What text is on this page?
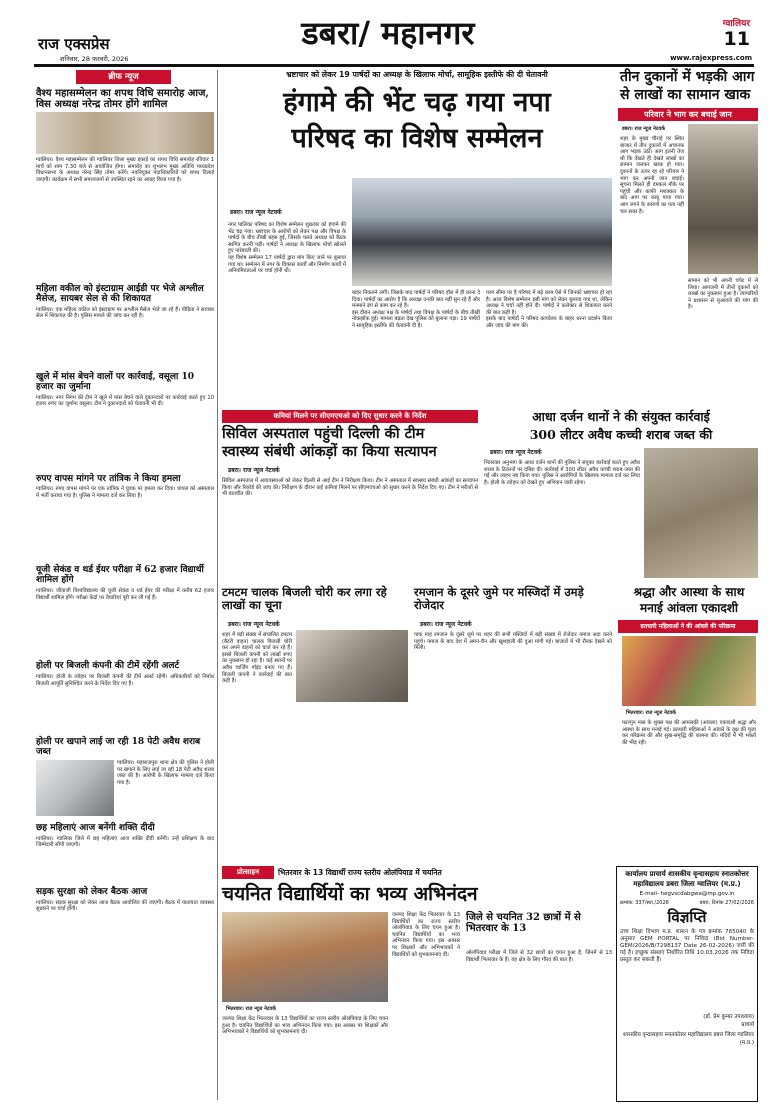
राज एक्सप्रेस
शनिवार, 28 फरवरी, 2026
डबरा/ महानगर	ग्वालियर
11
www.rajexpress.com
ब्रीफ न्यूज
वैश्य महासम्मेलन का शपथ विधि समारोह आज, विस अध्यक्ष नरेन्द्र तोमर होंगे शामिल
ग्वालियर। वैश्य महासम्मेलन की ग्वालियर जिला मुख्य इकाई का शपथ विधि समारोह रविवार 1 मार्च को शाम 7.30 बजे से आयोजित होगा। समारोह का शुभारंभ मुख्य अतिथि मध्यप्रदेश विधानसभा के अध्यक्ष नरेन्द्र सिंह तोमर करेंगे। नवनियुक्त पदाधिकारियों को शपथ दिलाई जाएगी। कार्यक्रम में सभी समाजजनों से उपस्थित रहने का आग्रह किया गया है।
महिला वकील को इंस्टाग्राम आईडी पर भेजे अश्लील मैसेज, सायबर सेल से की शिकायत
ग्वालियर। एक महिला वकील को इंस्टाग्राम पर अश्लील मैसेज भेजे जा रहे हैं। पीड़िता ने सायबर सेल में शिकायत की है। पुलिस मामले की जांच कर रही है।
खुले में मांस बेचने वालों पर कार्रवाई, वसूला 10 हजार का जुर्माना
ग्वालियर। नगर निगम की टीम ने खुले में मांस बेचने वाले दुकानदारों पर कार्रवाई करते हुए 10 हजार रुपए का जुर्माना वसूला। टीम ने दुकानदारों को चेतावनी भी दी।
रुपए वापस मांगने पर तांत्रिक ने किया हमला
ग्वालियर। रुपए वापस मांगने पर एक तांत्रिक ने युवक पर हमला कर दिया। घायल को अस्पताल में भर्ती कराया गया है। पुलिस ने मामला दर्ज कर लिया है।
यूजी सेकंड व थर्ड ईयर परीक्षा में 62 हजार विद्यार्थी शामिल होंगे
ग्वालियर। जीवाजी विश्वविद्यालय की यूजी सेकंड व थर्ड ईयर की परीक्षा में करीब 62 हजार विद्यार्थी शामिल होंगे। परीक्षा केंद्रों पर तैयारियां पूरी कर ली गई हैं।
होली पर बिजली कंपनी की टीमें रहेंगी अलर्ट
ग्वालियर। होली के त्योहार पर बिजली कंपनी की टीमें अलर्ट रहेंगी। अधिकारियों को निर्बाध बिजली आपूर्ति सुनिश्चित करने के निर्देश दिए गए हैं।
होली पर खपाने लाई जा रही 18 पेटी अवैध शराब जब्त
ग्वालियर। महाराजपुरा थाना क्षेत्र की पुलिस ने होली पर खपाने के लिए लाई जा रही 18 पेटी अवैध शराब जब्त की है। आरोपी के खिलाफ मामला दर्ज किया गया है।
छह महिलाएं आज बनेंगी शक्ति दीदी
ग्वालियर। ग्वालियर जिले में छह महिलाएं आज शक्ति दीदी बनेंगी। उन्हें प्रशिक्षण के बाद जिम्मेदारी सौंपी जाएगी।
सड़क सुरक्षा को लेकर बैठक आज
ग्वालियर। सड़क सुरक्षा को लेकर आज बैठक आयोजित की जाएगी। बैठक में यातायात व्यवस्था सुधारने पर चर्चा होगी।
भ्रष्टाचार को लेकर 19 पार्षदों का अध्यक्ष के खिलाफ मोर्चा, सामूहिक इस्तीफे की दी चेतावनी
हंगामे की भेंट चढ़ गया नपा
परिषद का विशेष सम्मेलन
डबरा। राज न्यूज नेटवर्क
नगर पालिका परिषद का विशेष सम्मेलन शुक्रवार को हंगामे की भेंट चढ़ गया। भ्रष्टाचार के आरोपों को लेकर पक्ष और विपक्ष के पार्षदों के बीच तीखी बहस हुई, जिसके चलते अध्यक्ष को बैठक स्थगित करनी पड़ी। पार्षदों ने अध्यक्ष के खिलाफ मोर्चा खोलते हुए नारेबाजी की।
यह विशेष सम्मेलन 17 पार्षदों द्वारा मांग किए जाने पर बुलाया गया था। सम्मेलन में नगर के विकास कार्यों और निर्माण कार्यों में अनियमितताओं पर चर्चा होनी थी।
बाहर निकलने लगीं। जिसके बाद पार्षदों ने परिषद हॉल में ही धरना दे दिया। पार्षदों का आरोप है कि अध्यक्ष उनकी बात नहीं सुन रहे हैं और मनमाने ढंग से काम कर रहे हैं।
इस दौरान अध्यक्ष पक्ष के पार्षदों तथा विपक्ष के पार्षदों के बीच तीखी नोकझोंक हुई। मामला बढ़ता देख पुलिस को बुलाना पड़ा। 19 पार्षदों ने सामूहिक इस्तीफे की चेतावनी दी है।
परम सीमा पर है परिषद में बढ़े काम ऐसे में जिनको भ्रष्टाचार हो रहा है। आज विशेष सम्मेलन इसी मांग को लेकर बुलाया गया था, लेकिन अध्यक्ष ने चर्चा नहीं होने दी। पार्षदों ने कलेक्टर से शिकायत करने की बात कही है।
इसके बाद पार्षदों ने परिषद कार्यालय के बाहर धरना प्रदर्शन किया और जांच की मांग की।
तीन दुकानों में भड़की आग
से लाखों का सामान खाक
परिवार ने भाग कर बचाई जान
डबरा। राज न्यूज नेटवर्क
शहर के मुख्य चौराहे पर स्थित बाजार में तीन दुकानों में अचानक आग भड़क उठी। आग इतनी तेज थी कि देखते ही देखते लाखों का सामान जलकर खाक हो गया। दुकानों के ऊपर रह रहे परिवार ने भाग कर अपनी जान बचाई। सूचना मिलते ही दमकल मौके पर पहुंची और काफी मशक्कत के बाद आग पर काबू पाया गया। आग लगने के कारणों का पता नहीं चल सका है।
सामान को भी अपनी चपेट में ले लिया। आगजनी में तीनों दुकानों को लाखों का नुकसान हुआ है। व्यापारियों ने प्रशासन से मुआवजे की मांग की है।
कमियां मिलने पर सीएमएचओ को दिए सुधार करने के निर्देश
सिविल अस्पताल पहुंची दिल्ली की टीम
स्वास्थ्य संबंधी आंकड़ों का किया सत्यापन
डबरा। राज न्यूज नेटवर्क
सिविल अस्पताल में अव्यवस्थाओं को लेकर दिल्ली से आई टीम ने निरीक्षण किया। टीम ने अस्पताल में स्वास्थ्य संबंधी आंकड़ों का सत्यापन किया और रिकॉर्ड की जांच की। निरीक्षण के दौरान कई कमियां मिलने पर सीएमएचओ को सुधार करने के निर्देश दिए गए। टीम ने मरीजों से भी बातचीत की।
आधा दर्जन थानों ने की संयुक्त कार्रवाई
300 लीटर अवैध कच्ची शराब जब्त की
डबरा। राज न्यूज नेटवर्क
भितरवार अनुभाग के आधा दर्जन थानों की पुलिस ने संयुक्त कार्रवाई करते हुए अवैध शराब के ठिकानों पर दबिश दी। कार्रवाई में 300 लीटर अवैध कच्ची शराब जब्त की गई और लाहन नष्ट किया गया। पुलिस ने आरोपियों के खिलाफ मामला दर्ज कर लिया है। होली के त्योहार को देखते हुए अभियान जारी रहेगा।
टमटम चालक बिजली चोरी कर लगा रहे लाखों का चूना
डबरा। राज न्यूज नेटवर्क
शहर में बड़ी संख्या में संचालित टमटम (बैटरी वाहन) चालक बिजली चोरी कर अपने वाहनों को चार्ज कर रहे हैं। इससे बिजली कंपनी को लाखों रुपए का नुकसान हो रहा है। कई स्थानों पर अवैध चार्जिंग पॉइंट बनाए गए हैं। बिजली कंपनी ने कार्रवाई की बात कही है।
रमजान के दूसरे जुमे पर मस्जिदों में उमड़े रोजेदार
डबरा। राज न्यूज नेटवर्क
पाक माह रमजान के दूसरे जुमे पर शहर की सभी मस्जिदों में बड़ी संख्या में रोजेदार नमाज अदा करने पहुंचे। नमाज के बाद देश में अमन-चैन और खुशहाली की दुआ मांगी गई। बाजारों में भी रौनक देखने को मिली।
श्रद्धा और आस्था के साथ
मनाई आंवला एकादशी
व्रतधारी महिलाओं ने की आंवले की परिक्रमा
भितरवार। राज न्यूज नेटवर्क
फाल्गुन मास के शुक्ल पक्ष की आमलकी (आंवला) एकादशी श्रद्धा और आस्था के साथ मनाई गई। व्रतधारी महिलाओं ने आंवले के वृक्ष की पूजा कर परिक्रमा की और सुख-समृद्धि की कामना की। मंदिरों में भी भक्तों की भीड़ रही।
प्रोत्साहन	भितरवार के 13 विद्यार्थी राज्य स्तरीय ओलंपियाड में चयनित
चयनित विद्यार्थियों का भव्य अभिनंदन
भितरवार। राज न्यूज नेटवर्क
जनपद शिक्षा केंद्र भितरवार के 13 विद्यार्थियों का राज्य स्तरीय ओलंपियाड के लिए चयन हुआ है। चयनित विद्यार्थियों का भव्य अभिनंदन किया गया। इस अवसर पर शिक्षकों और अभिभावकों ने विद्यार्थियों को शुभकामनाएं दीं।
जनपद शिक्षा केंद्र भितरवार के 13 विद्यार्थियों का राज्य स्तरीय ओलंपियाड के लिए चयन हुआ है। चयनित विद्यार्थियों का भव्य अभिनंदन किया गया। इस अवसर पर शिक्षकों और अभिभावकों ने विद्यार्थियों को शुभकामनाएं दीं।
जिले से चयनित 32 छात्रों में से भितरवार के 13
ओलंपियाड परीक्षा में जिले से 32 छात्रों का चयन हुआ है, जिनमें से 13 विद्यार्थी भितरवार के हैं। यह क्षेत्र के लिए गौरव की बात है।
कार्यालय प्राचार्य शासकीय वृन्दासहाय स्नातकोत्तर
महाविद्यालय डबरा जिला ग्वालियर (म.प्र.)
E-mail- hegvscdabgwa@mp.gov.in
क्रमांक: 337/स्था./2026	डबरा, दिनांक 27/02/2026
विज्ञप्ति
उच्च शिक्षा विभाग म.प्र. शासन के पत्र क्रमांक 765040 के अनुसार GEM PORTAL पर निविदा (Bid Number- GEM/2026/B/7298137 Date 26-02-2026) जारी की गई है। इच्छुक संस्थाएं निर्धारित तिथि 10.03.2026 तक निविदा प्रस्तुत कर सकती हैं।
(डॉ. प्रेम कुमार उपाध्याय)
प्राचार्य
शासकीय वृन्दासहाय स्नातकोत्तर महाविद्यालय डबरा जिला ग्वालियर (म.प्र.)
